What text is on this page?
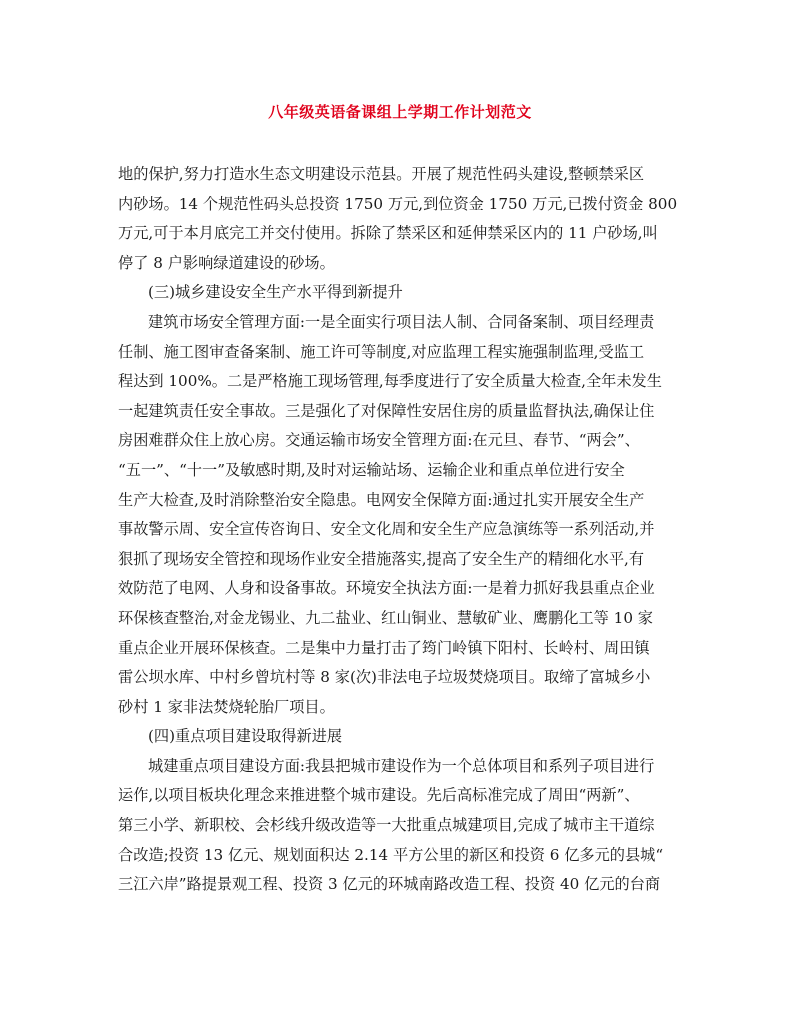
八年级英语备课组上学期工作计划范文
地的保护,努力打造水生态文明建设示范县。开展了规范性码头建设,整顿禁采区
内砂场。14 个规范性码头总投资 1750 万元,到位资金 1750 万元,已拨付资金 800
万元,可于本月底完工并交付使用。拆除了禁采区和延伸禁采区内的 11 户砂场,叫
停了 8 户影响绿道建设的砂场。
(三)城乡建设安全生产水平得到新提升
建筑市场安全管理方面:一是全面实行项目法人制、合同备案制、项目经理责
任制、施工图审查备案制、施工许可等制度,对应监理工程实施强制监理,受监工
程达到 100%。二是严格施工现场管理,每季度进行了安全质量大检查,全年未发生
一起建筑责任安全事故。三是强化了对保障性安居住房的质量监督执法,确保让住
房困难群众住上放心房。交通运输市场安全管理方面:在元旦、春节、“两会”、
“五一”、“十一”及敏感时期,及时对运输站场、运输企业和重点单位进行安全
生产大检查,及时消除整治安全隐患。电网安全保障方面:通过扎实开展安全生产
事故警示周、安全宣传咨询日、安全文化周和安全生产应急演练等一系列活动,并
狠抓了现场安全管控和现场作业安全措施落实,提高了安全生产的精细化水平,有
效防范了电网、人身和设备事故。环境安全执法方面:一是着力抓好我县重点企业
环保核查整治,对金龙锡业、九二盐业、红山铜业、慧敏矿业、鹰鹏化工等 10 家
重点企业开展环保核查。二是集中力量打击了筠门岭镇下阳村、长岭村、周田镇
雷公坝水库、中村乡曾坑村等 8 家(次)非法电子垃圾焚烧项目。取缔了富城乡小
砂村 1 家非法焚烧轮胎厂项目。
(四)重点项目建设取得新进展
城建重点项目建设方面:我县把城市建设作为一个总体项目和系列子项目进行
运作,以项目板块化理念来推进整个城市建设。先后高标准完成了周田“两新”、
第三小学、新职校、会杉线升级改造等一大批重点城建项目,完成了城市主干道综
合改造;投资 13 亿元、规划面积达 2.14 平方公里的新区和投资 6 亿多元的县城“
三江六岸”路提景观工程、投资 3 亿元的环城南路改造工程、投资 40 亿元的台商
